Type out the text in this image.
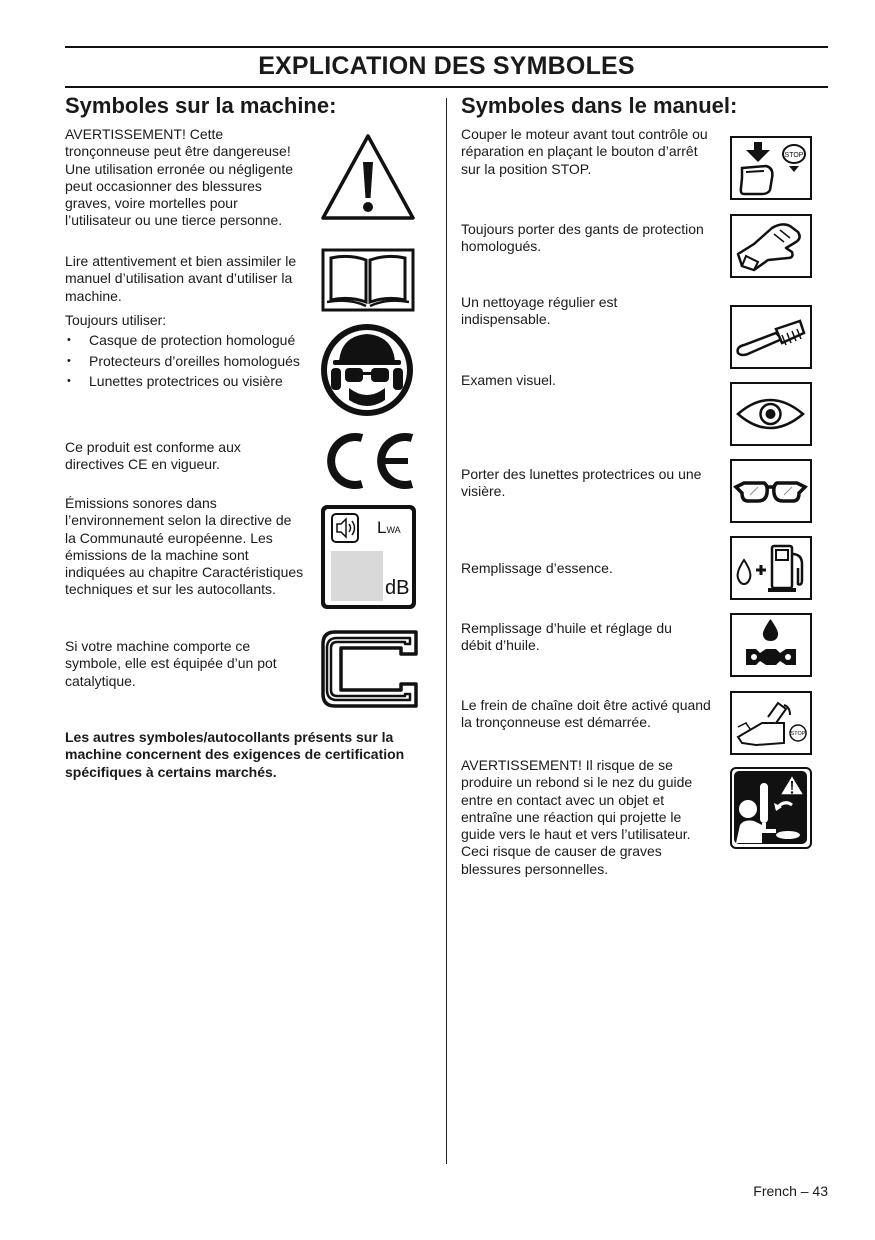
EXPLICATION DES SYMBOLES
Symboles sur la machine:	Symboles dans le manuel:
AVERTISSEMENT! Cette tronçonneuse peut être dangereuse! Une utilisation erronée ou négligente peut occasionner des blessures graves, voire mortelles pour l’utilisateur ou une tierce personne.
Lire attentivement et bien assimiler le manuel d’utilisation avant d’utiliser la machine.
Toujours utiliser:
• Casque de protection homologué
• Protecteurs d’oreilles homologués
• Lunettes protectrices ou visière
Ce produit est conforme aux directives CE en vigueur.
Émissions sonores dans l’environnement selon la directive de la Communauté européenne. Les émissions de la machine sont indiquées au chapitre Caractéristiques techniques et sur les autocollants.
LWA
dB
Si votre machine comporte ce symbole, elle est équipée d’un pot catalytique.
Les autres symboles/autocollants présents sur la machine concernent des exigences de certification spécifiques à certains marchés.
Couper le moteur avant tout contrôle ou réparation en plaçant le bouton d’arrêt sur la position STOP.
STOP
Toujours porter des gants de protection homologués.
Un nettoyage régulier est indispensable.
Examen visuel.
Porter des lunettes protectrices ou une visière.
Remplissage d’essence.
Remplissage d’huile et réglage du débit d’huile.
Le frein de chaîne doit être activé quand la tronçonneuse est démarrée.
STOP
AVERTISSEMENT! Il risque de se produire un rebond si le nez du guide entre en contact avec un objet et entraîne une réaction qui projette le guide vers le haut et vers l’utilisateur. Ceci risque de causer de graves blessures personnelles.
French – 43
